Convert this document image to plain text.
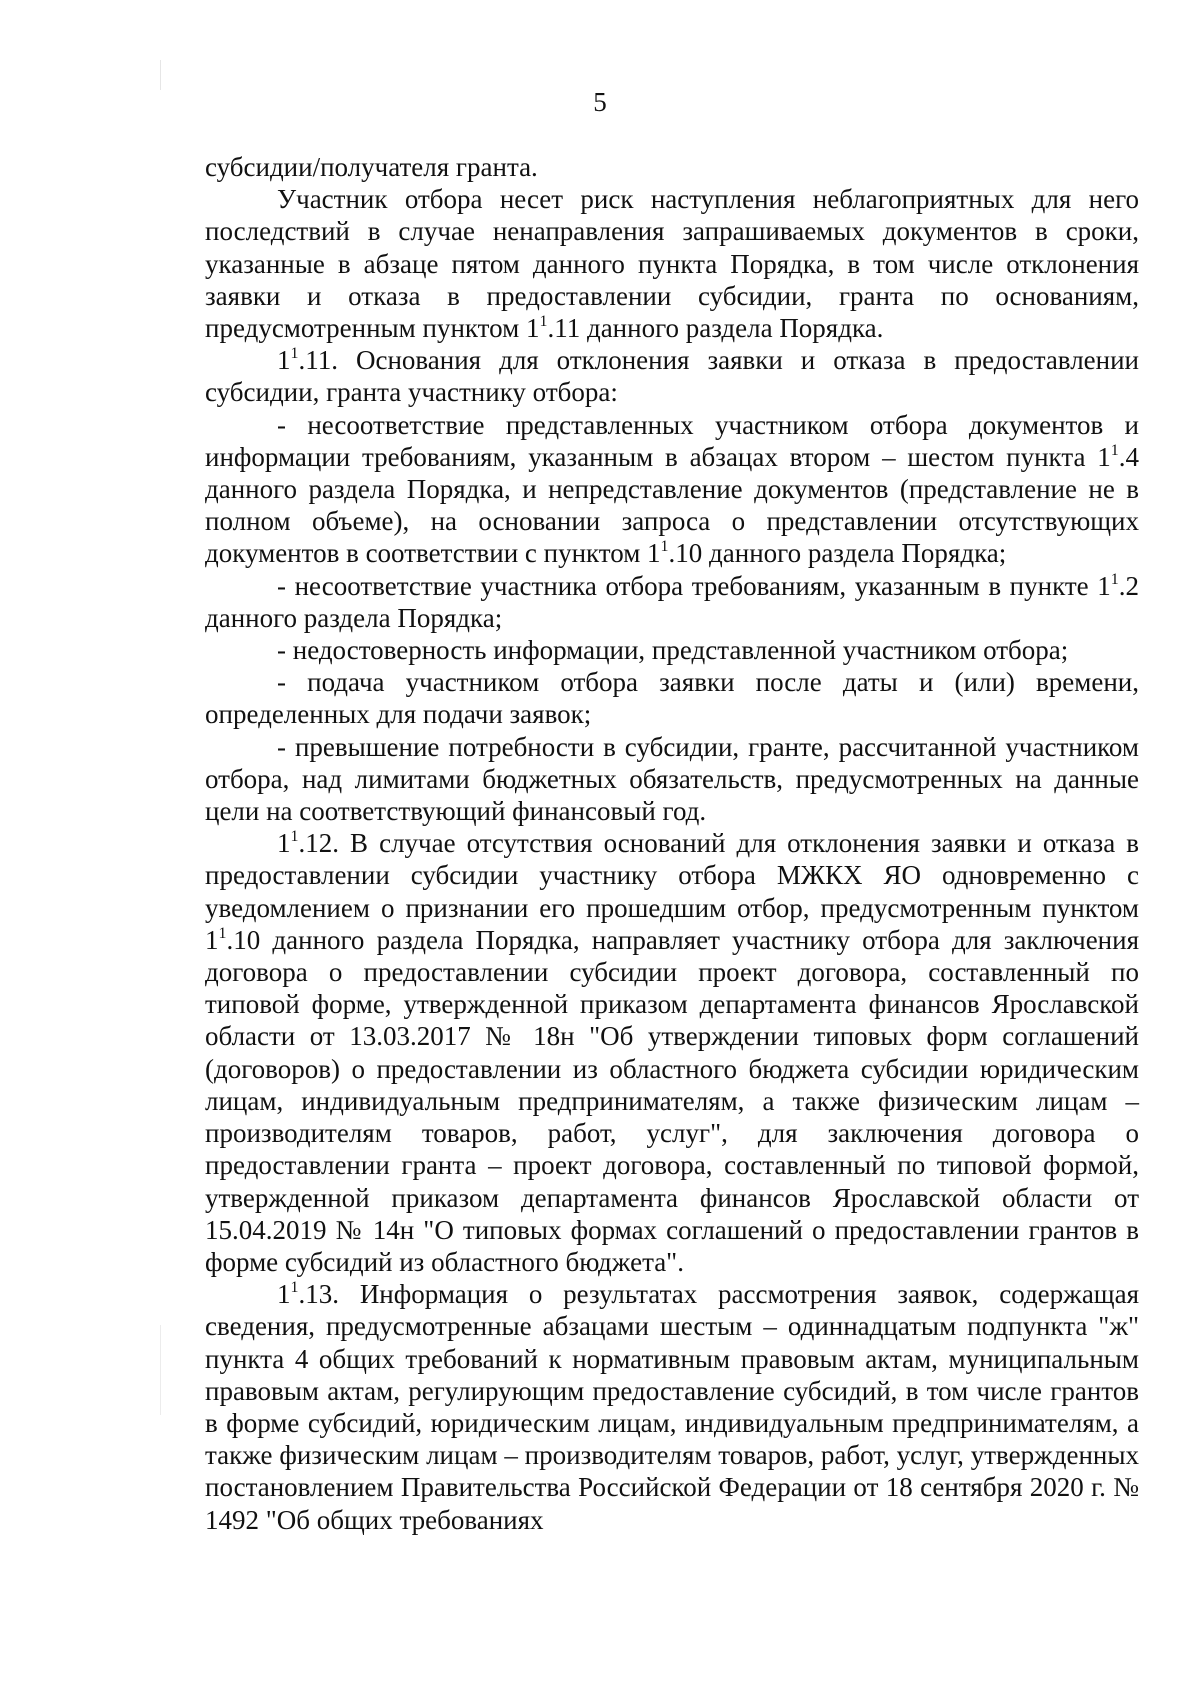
5

субсидии/получателя гранта.

Участник отбора несет риск наступления неблагоприятных для него последствий в случае ненаправления запрашиваемых документов в сроки, указанные в абзаце пятом данного пункта Порядка, в том числе отклонения заявки и отказа в предоставлении субсидии, гранта по основаниям, предусмотренным пунктом $1^1.11$ данного раздела Порядка.

$1^1.11$. Основания для отклонения заявки и отказа в предоставлении субсидии, гранта участнику отбора:

- несоответствие представленных участником отбора документов и информации требованиям, указанным в абзацах втором – шестом пункта $1^1.4$ данного раздела Порядка, и непредставление документов (представление не в полном объеме), на основании запроса о представлении отсутствующих документов в соответствии с пунктом $1^1.10$ данного раздела Порядка;

- несоответствие участника отбора требованиям, указанным в пункте $1^1.2$ данного раздела Порядка;

- недостоверность информации, представленной участником отбора;

- подача участником отбора заявки после даты и (или) времени, определенных для подачи заявок;

- превышение потребности в субсидии, гранте, рассчитанной участником отбора, над лимитами бюджетных обязательств, предусмотренных на данные цели на соответствующий финансовый год.

$1^1.12$. В случае отсутствия оснований для отклонения заявки и отказа в предоставлении субсидии участнику отбора МЖКХ ЯО одновременно с уведомлением о признании его прошедшим отбор, предусмотренным пунктом $1^1.10$ данного раздела Порядка, направляет участнику отбора для заключения договора о предоставлении субсидии проект договора, составленный по типовой форме, утвержденной приказом департамента финансов Ярославской области от 13.03.2017 № 18н "Об утверждении типовых форм соглашений (договоров) о предоставлении из областного бюджета субсидии юридическим лицам, индивидуальным предпринимателям, а также физическим лицам – производителям товаров, работ, услуг", для заключения договора о предоставлении гранта – проект договора, составленный по типовой формой, утвержденной приказом департамента финансов Ярославской области от 15.04.2019 № 14н "О типовых формах соглашений о предоставлении грантов в форме субсидий из областного бюджета".

$1^1.13$. Информация о результатах рассмотрения заявок, содержащая сведения, предусмотренные абзацами шестым – одиннадцатым подпункта "ж" пункта 4 общих требований к нормативным правовым актам, муниципальным правовым актам, регулирующим предоставление субсидий, в том числе грантов в форме субсидий, юридическим лицам, индивидуальным предпринимателям, а также физическим лицам – производителям товаров, работ, услуг, утвержденных постановлением Правительства Российской Федерации от 18 сентября 2020 г. № 1492 "Об общих требованиях
